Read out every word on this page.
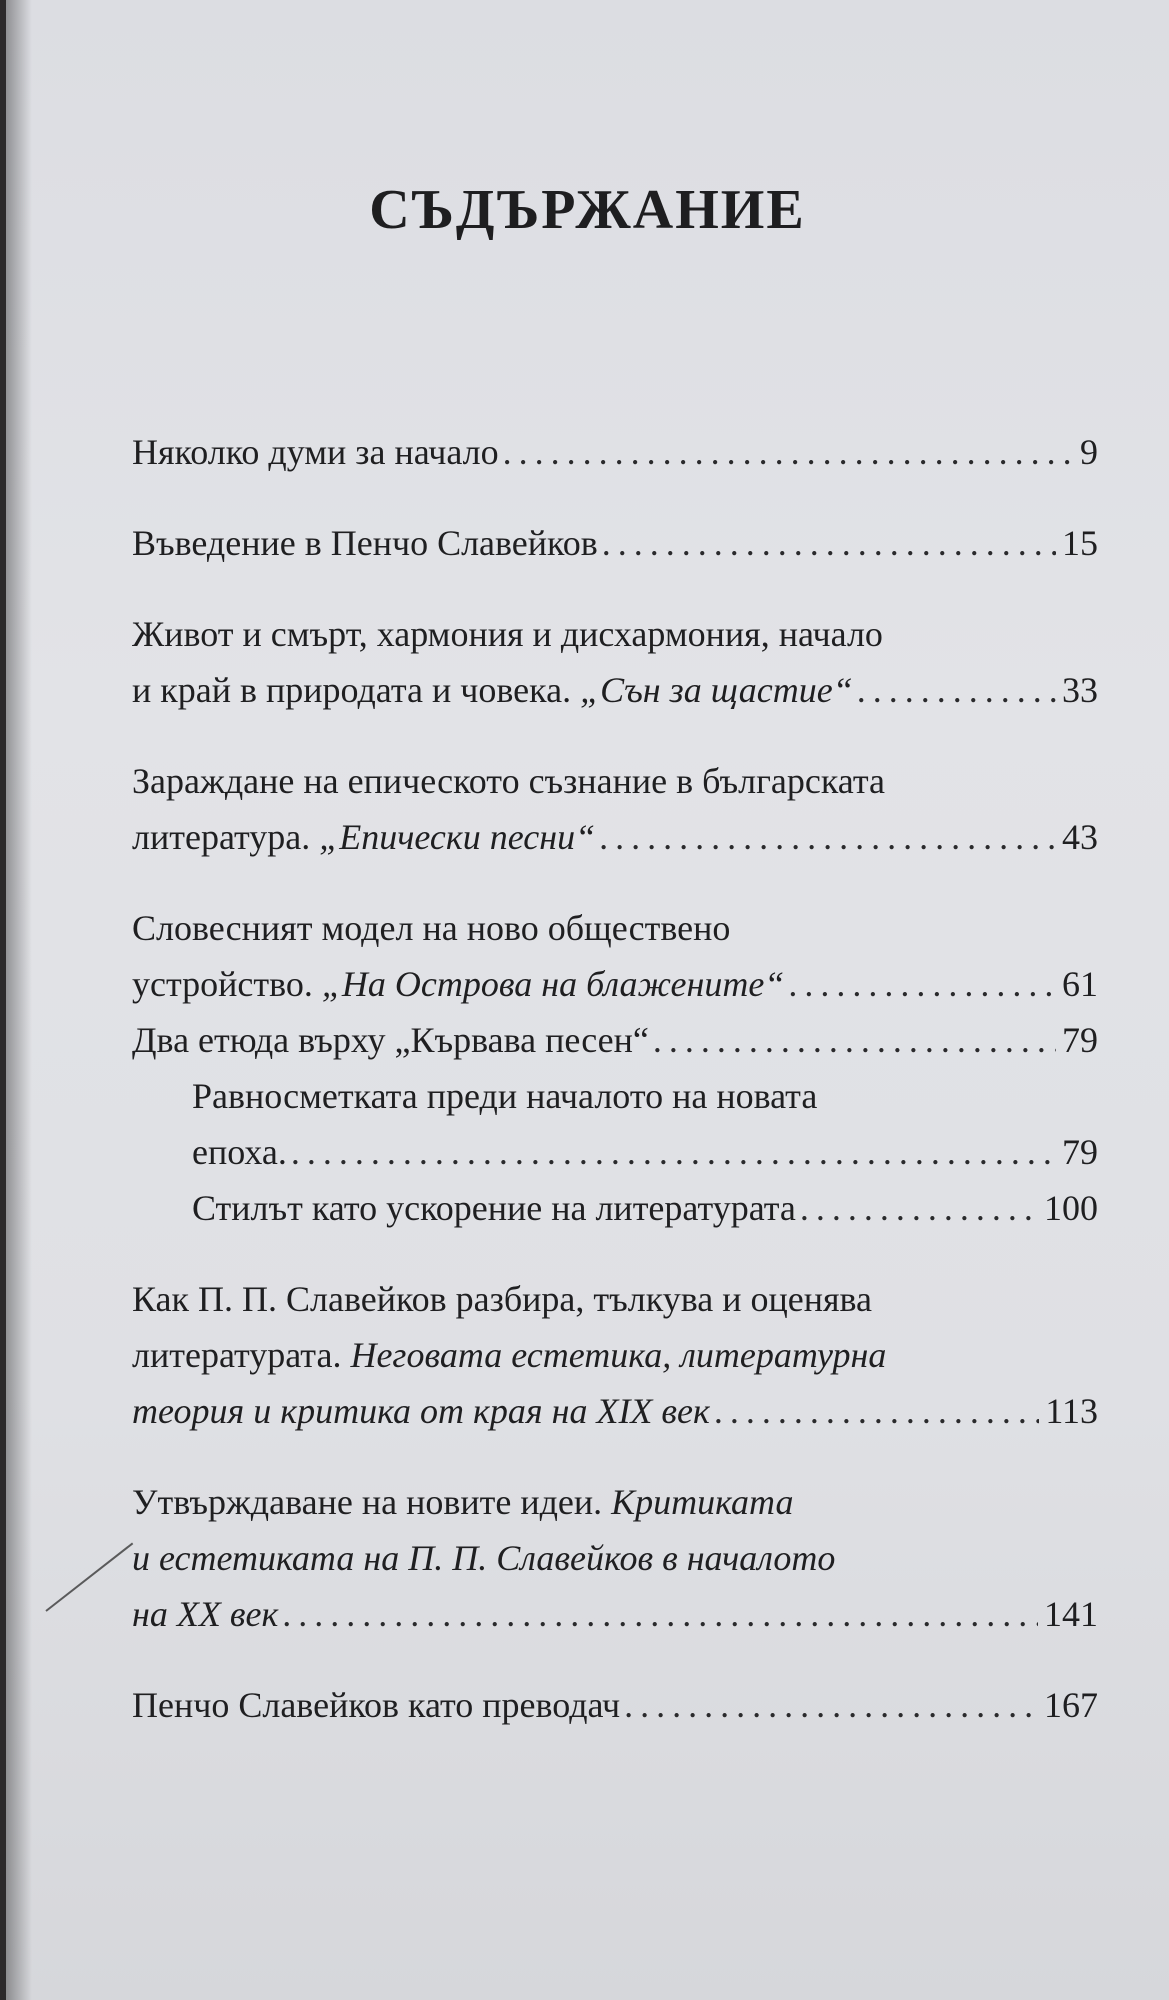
СЪДЪРЖАНИЕ
Няколко думи за начало .....	9
Въведение в Пенчо Славейков .....	15
Живот и смърт, хармония и дисхармония, начало
и край в природата и човека. „Сън за щастие“ .....	33
Зараждане на епическото съзнание в българската
литература. „Епически песни“ .....	43
Словесният модел на ново обществено
устройство. „На Острова на блажените“ .....	61
Два етюда върху „Кървава песен“ .....	79
Равносметката преди началото на новата
епоха. .....	79
Стилът като ускорение на литературата .....	100
Как П. П. Славейков разбира, тълкува и оценява
литературата. Неговата естетика, литературна
теория и критика от края на XIX век .....	113
Утвърждаване на новите идеи. Критиката
и естетиката на П. П. Славейков в началото
на XX век .....	141
Пенчо Славейков като преводач .....	167
